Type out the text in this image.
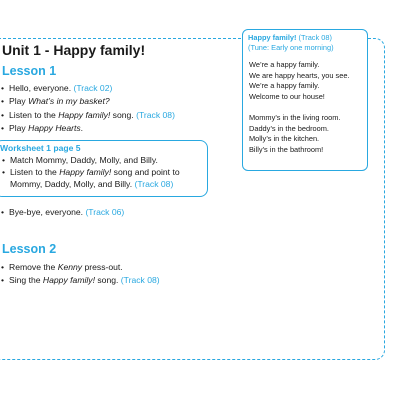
Unit 1 - Happy family!
Lesson 1
• Hello, everyone. (Track 02)
• Play What’s in my basket?
• Listen to the Happy family! song. (Track 08)
• Play Happy Hearts.
Worksheet 1 page 5
• Match Mommy, Daddy, Molly, and Billy.
• Listen to the Happy family! song and point to
Mommy, Daddy, Molly, and Billy. (Track 08)
• Bye-bye, everyone. (Track 06)
Lesson 2
• Remove the Kenny press-out.
• Sing the Happy family! song. (Track 08)
Happy family! (Track 08)
(Tune: Early one morning)
We’re a happy family.
We are happy hearts, you see.
We’re a happy family.
Welcome to our house!
Mommy’s in the living room.
Daddy’s in the bedroom.
Molly’s in the kitchen.
Billy’s in the bathroom!
